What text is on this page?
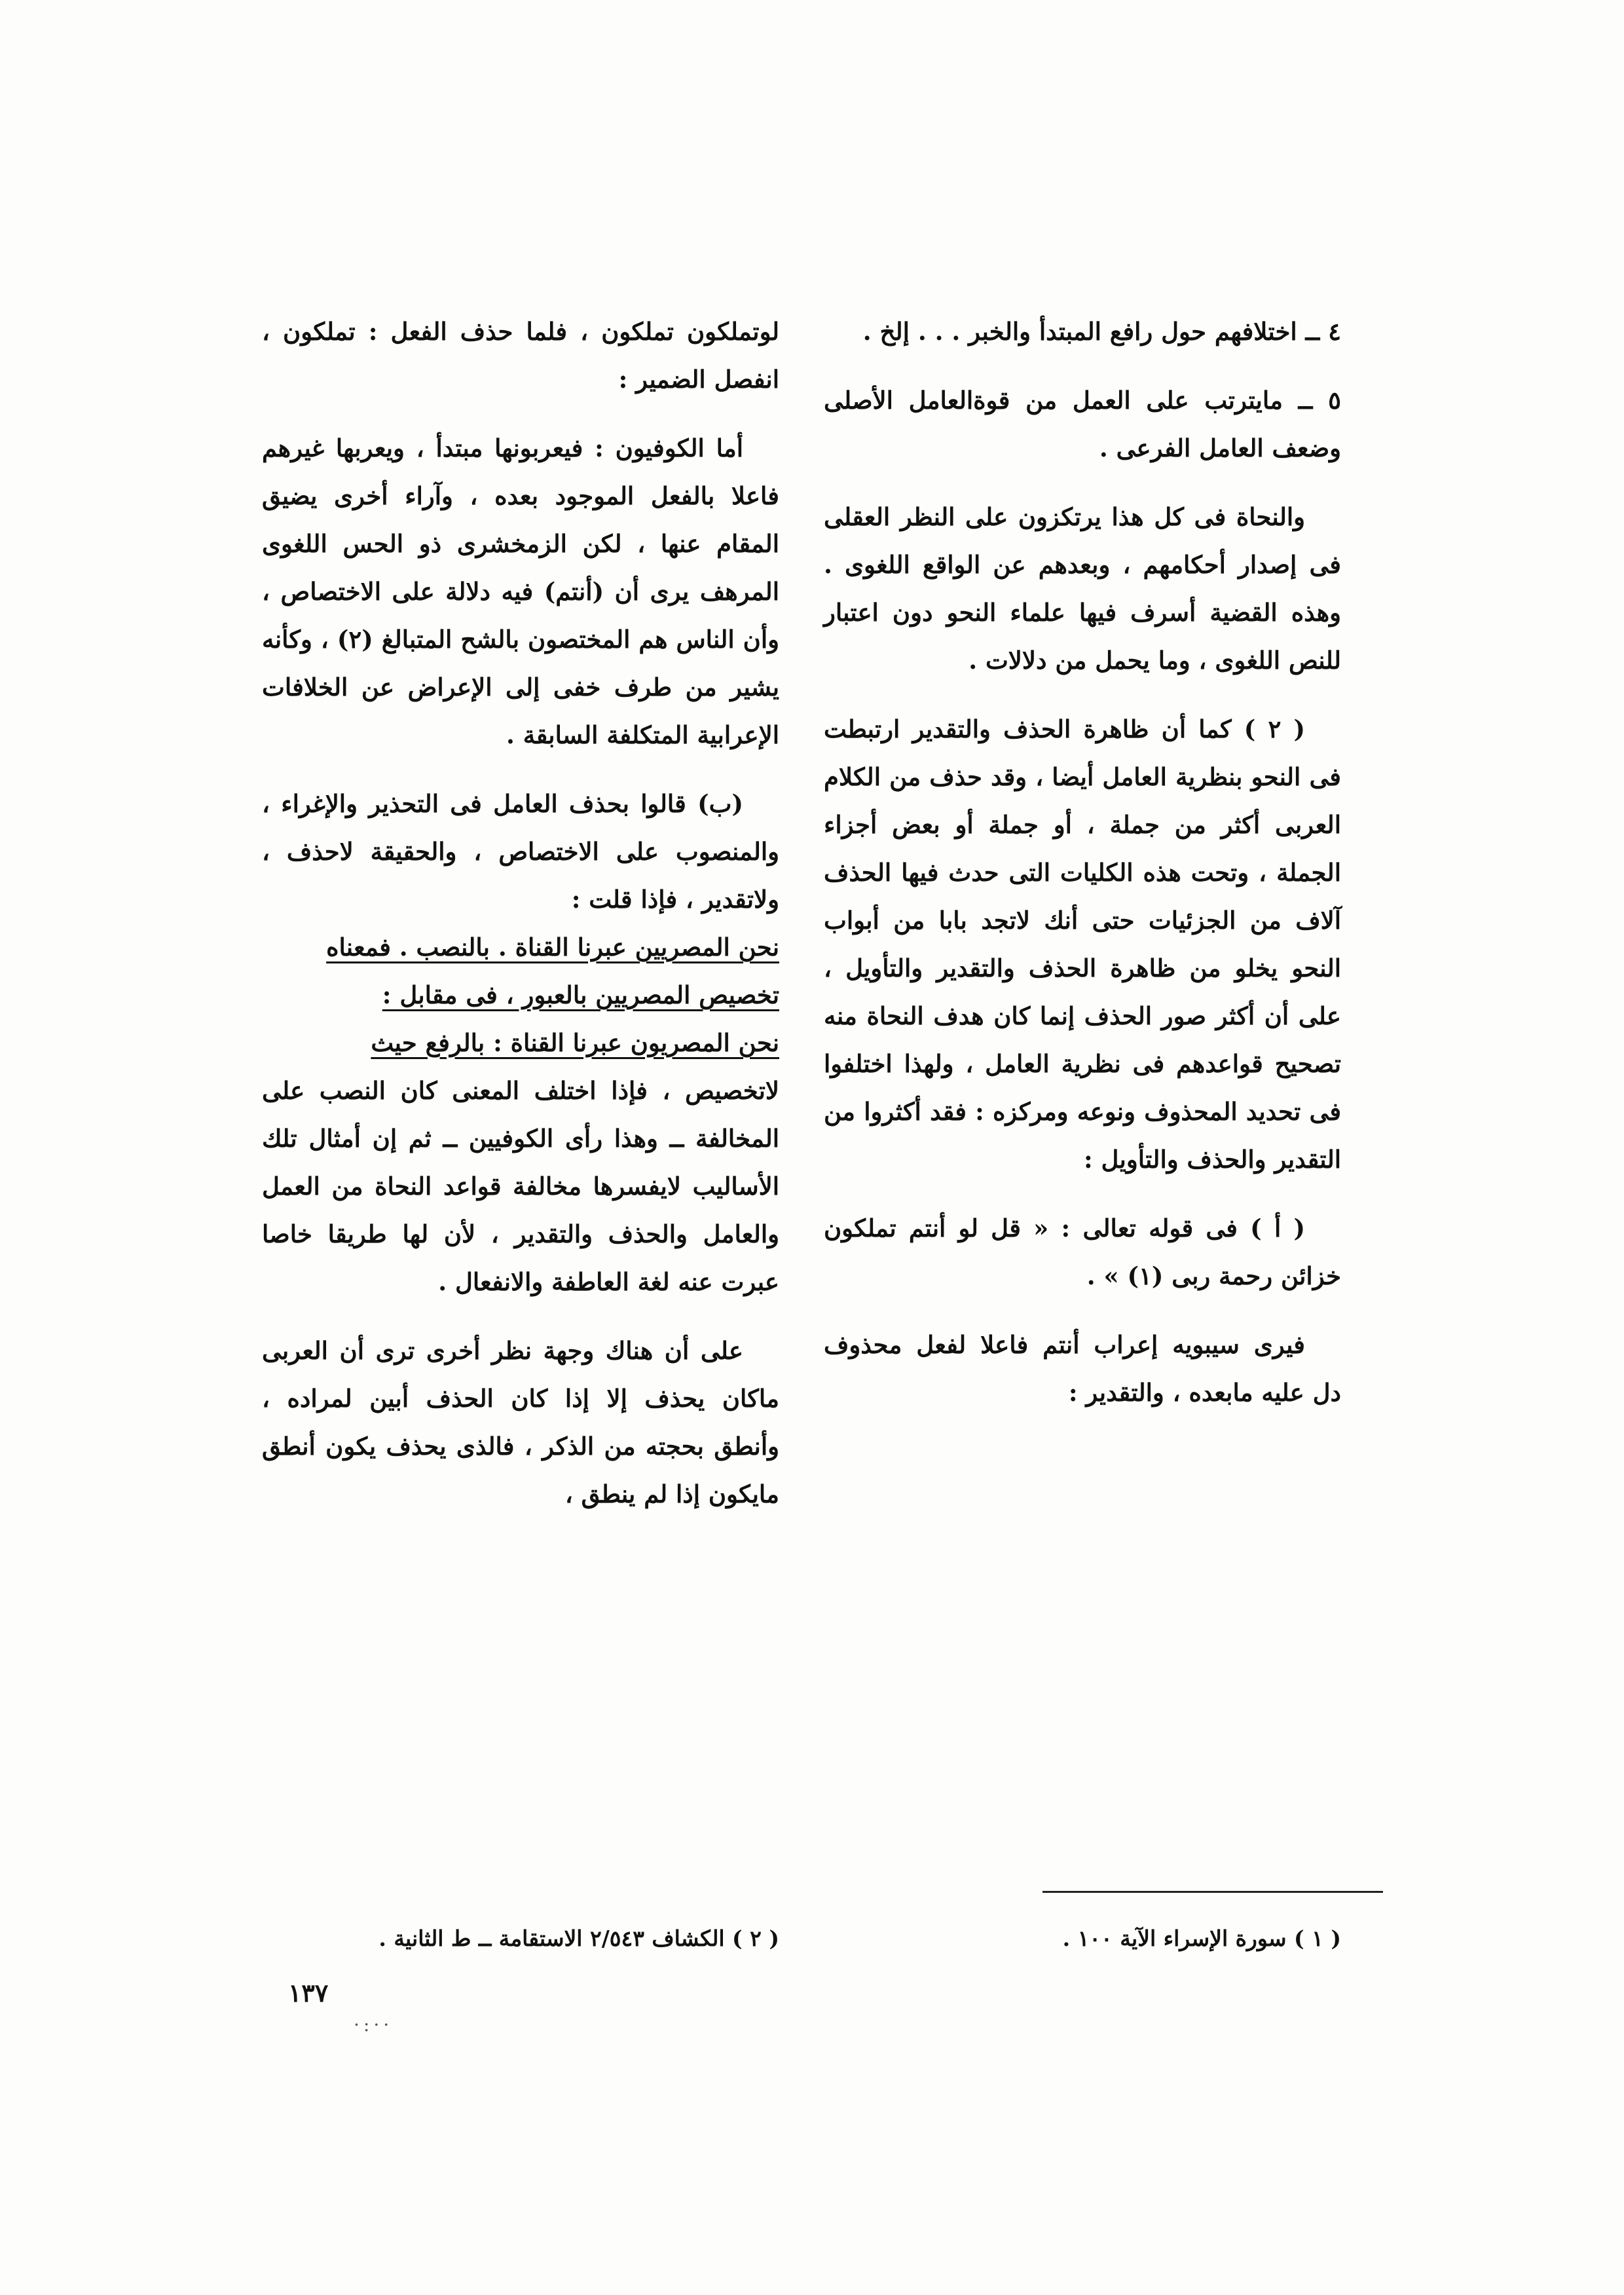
٤ ــ اختلافهم حول رافع المبتدأ والخبر . . . إلخ .

٥ ــ مايترتب على العمل من قوةالعامل الأصلى وضعف العامل الفرعى .

والنحاة فى كل هذا يرتكزون على النظر العقلى فى إصدار أحكامهم ، وبعدهم عن الواقع اللغوى . وهذه القضية أسرف فيها علماء النحو دون اعتبار للنص اللغوى ، وما يحمل من دلالات .

( ٢ ) كما أن ظاهرة الحذف والتقدير ارتبطت فى النحو بنظرية العامل أيضا ، وقد حذف من الكلام العربى أكثر من جملة ، أو جملة أو بعض أجزاء الجملة ، وتحت هذه الكليات التى حدث فيها الحذف آلاف من الجزئيات حتى أنك لاتجد بابا من أبواب النحو يخلو من ظاهرة الحذف والتقدير والتأويل ، على أن أكثر صور الحذف إنما كان هدف النحاة منه تصحيح قواعدهم فى نظرية العامل ، ولهذا اختلفوا فى تحديد المحذوف ونوعه ومركزه : فقد أكثروا من التقدير والحذف والتأويل :

( أ ) فى قوله تعالى : « قل لو أنتم تملكون خزائن رحمة ربى (١) » .

فيرى سيبويه إعراب أنتم فاعلا لفعل محذوف دل عليه مابعده ، والتقدير :

لوتملكون تملكون ، فلما حذف الفعل : تملكون ، انفصل الضمير :

أما الكوفيون : فيعربونها مبتدأ ، ويعربها غيرهم فاعلا بالفعل الموجود بعده ، وآراء أخرى يضيق المقام عنها ، لكن الزمخشرى ذو الحس اللغوى المرهف يرى أن (أنتم) فيه دلالة على الاختصاص ، وأن الناس هم المختصون بالشح المتبالغ (٢) ، وكأنه يشير من طرف خفى إلى الإعراض عن الخلافات الإعرابية المتكلفة السابقة .

(ب) قالوا بحذف العامل فى التحذير والإغراء ، والمنصوب على الاختصاص ، والحقيقة لاحذف ، ولاتقدير ، فإذا قلت :

نحن المصريين عبرنا القناة . بالنصب . فمعناه

تخصيص المصريين بالعبور ، فى مقابل :

نحن المصريون عبرنا القناة : بالرفع حيث

لاتخصيص ، فإذا اختلف المعنى كان النصب على المخالفة ــ وهذا رأى الكوفيين ــ ثم إن أمثال تلك الأساليب لايفسرها مخالفة قواعد النحاة من العمل والعامل والحذف والتقدير ، لأن لها طريقا خاصا عبرت عنه لغة العاطفة والانفعال .

على أن هناك وجهة نظر أخرى ترى أن العربى ماكان يحذف إلا إذا كان الحذف أبين لمراده ، وأنطق بحجته من الذكر ، فالذى يحذف يكون أنطق مايكون إذا لم ينطق ،

( ١ ) سورة الإسراء الآية ١٠٠ .
( ٢ ) الكشاف ٢/٥٤٣ الاستقامة ــ ط الثانية .
١٣٧
·:··
